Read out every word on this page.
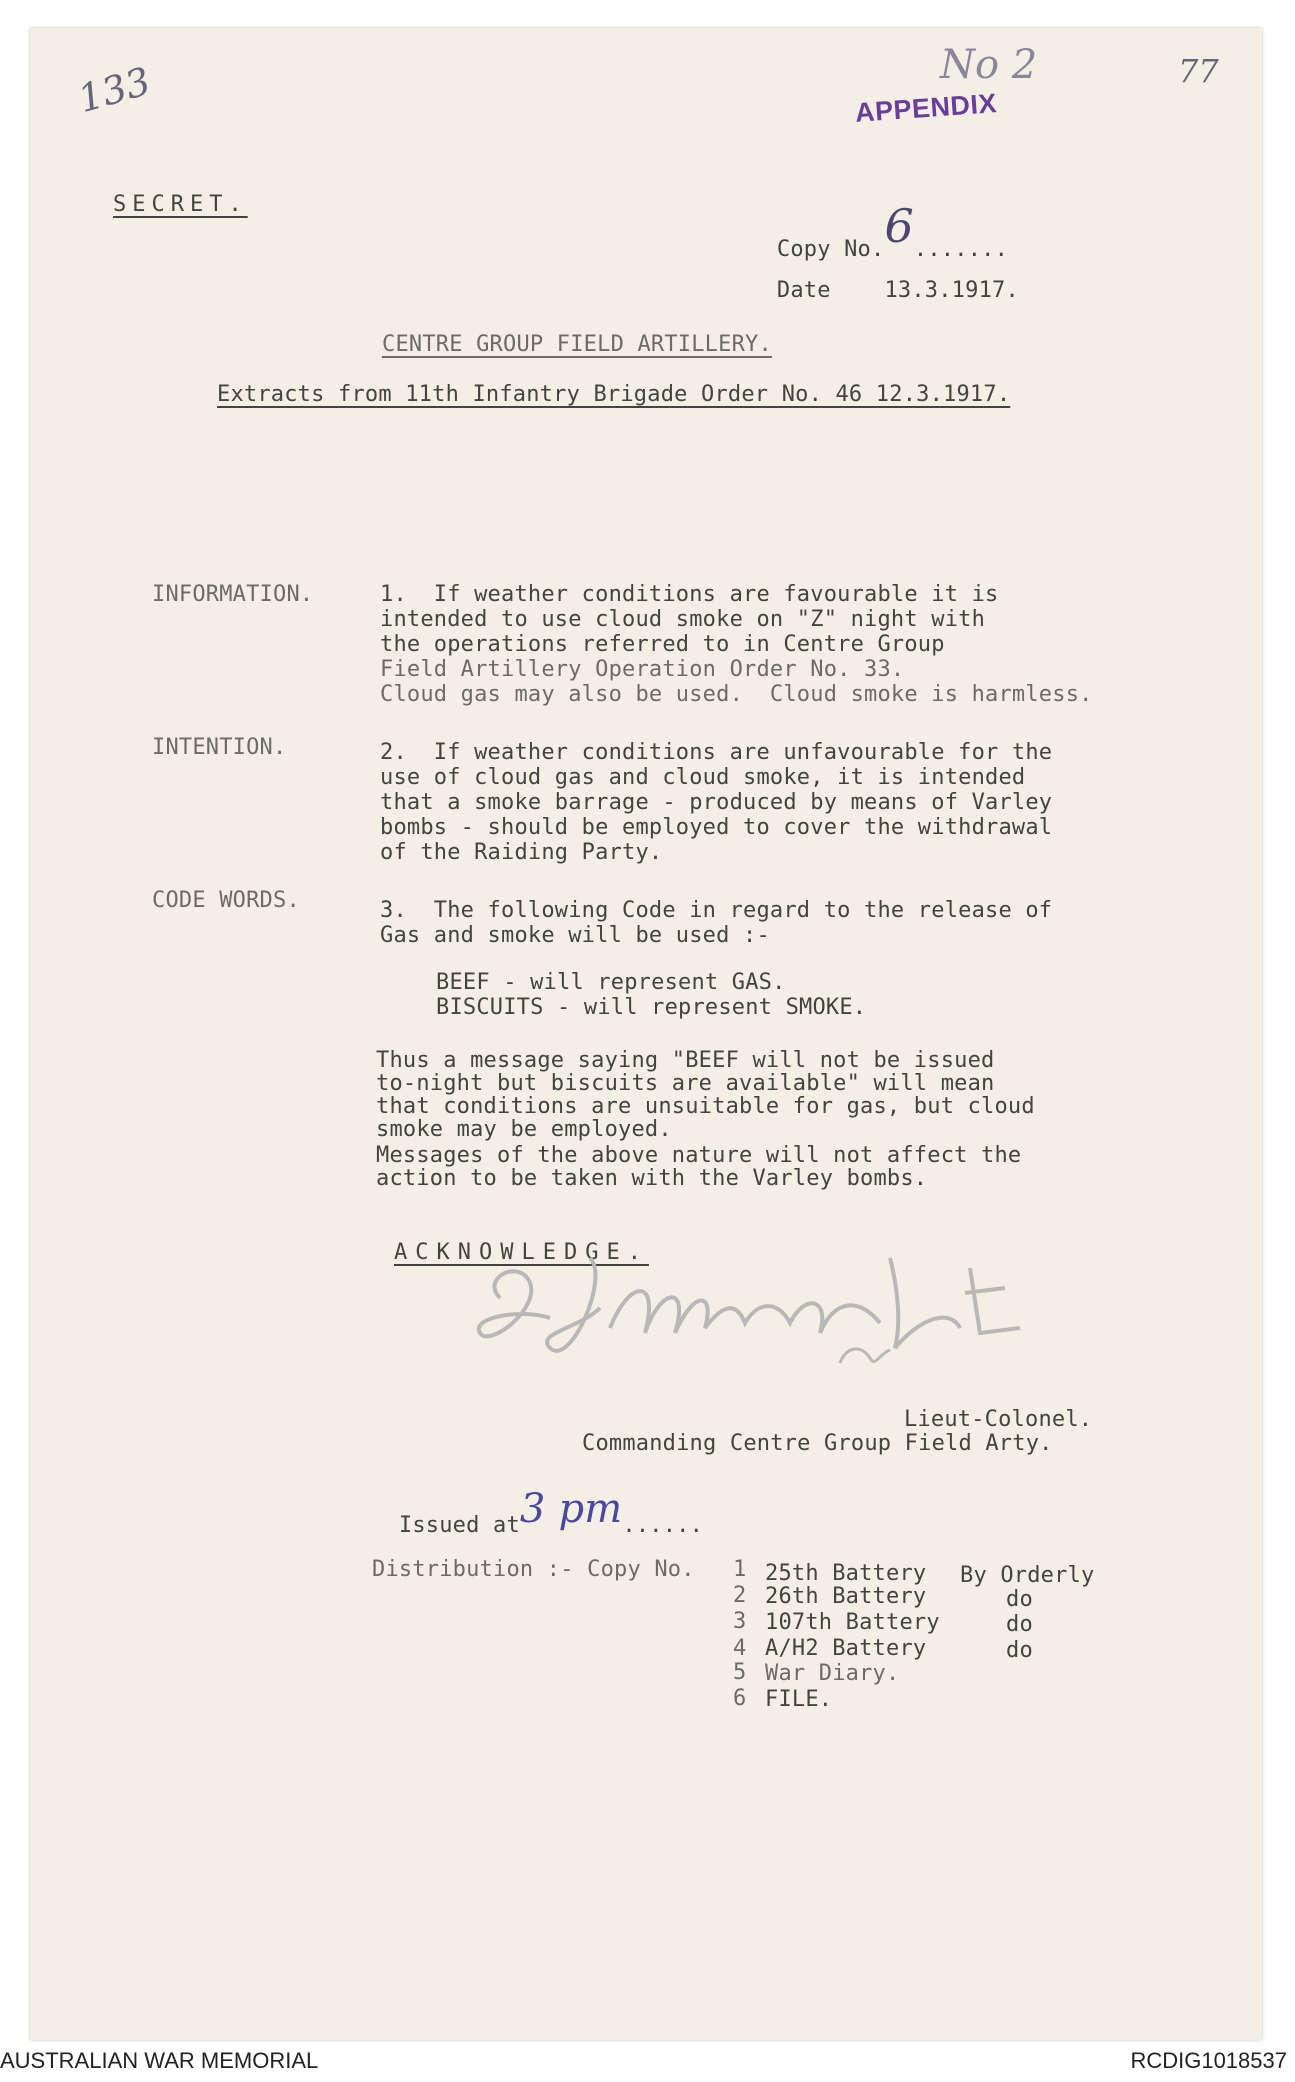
133	77
No 2
APPENDIX
SECRET.

Copy No.6.......

Date 13.3.1917.

CENTRE GROUP FIELD ARTILLERY.
Extracts from 11th Infantry Brigade Order No. 46 12.3.1917.
INFORMATION.	1.  If weather conditions are favourable it is
intended to use cloud smoke on "Z" night with
the operations referred to in Centre Group
Field Artillery Operation Order No. 33.
Cloud gas may also be used.  Cloud smoke is harmless.
INTENTION.	2.  If weather conditions are unfavourable for the
use of cloud gas and cloud smoke, it is intended
that a smoke barrage - produced by means of Varley
bombs - should be employed to cover the withdrawal
of the Raiding Party.
CODE WORDS.	3.  The following Code in regard to the release of
Gas and smoke will be used :-
BEEF - will represent GAS.
BISCUITS - will represent SMOKE.
Thus a message saying "BEEF will not be issued
to-night but biscuits are available" will mean
that conditions are unsuitable for gas, but cloud
smoke may be employed.
Messages of the above nature will not affect the
action to be taken with the Varley bombs.
ACKNOWLEDGE.
Lieut-Colonel.
Commanding Centre Group Field Arty.

Issued at3 pm......

Distribution :- Copy No. 1 25th Battery By Orderly
2 26th Battery	do
3 107th Battery	do
4 A/H2 Battery	do
5 War Diary.
6 FILE.
AUSTRALIAN WAR MEMORIAL	RCDIG1018537
